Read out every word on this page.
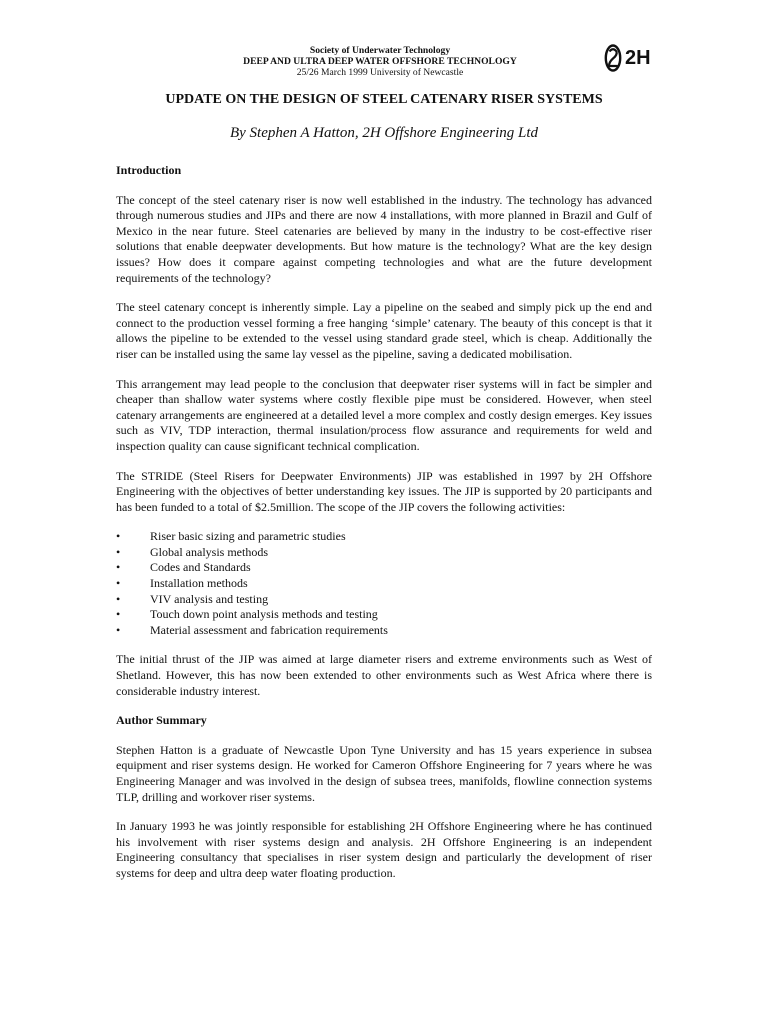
Society of Underwater Technology
DEEP AND ULTRA DEEP WATER OFFSHORE TECHNOLOGY
25/26 March 1999 University of Newcastle
2H
UPDATE ON THE DESIGN OF STEEL CATENARY RISER SYSTEMS
By Stephen A Hatton, 2H Offshore Engineering Ltd
Introduction

The concept of the steel catenary riser is now well established in the industry. The technology has advanced through numerous studies and JIPs and there are now 4 installations, with more planned in Brazil and Gulf of Mexico in the near future. Steel catenaries are believed by many in the industry to be cost-effective riser solutions that enable deepwater developments. But how mature is the technology? What are the key design issues? How does it compare against competing technologies and what are the future development requirements of the technology?

The steel catenary concept is inherently simple. Lay a pipeline on the seabed and simply pick up the end and connect to the production vessel forming a free hanging ‘simple’ catenary. The beauty of this concept is that it allows the pipeline to be extended to the vessel using standard grade steel, which is cheap. Additionally the riser can be installed using the same lay vessel as the pipeline, saving a dedicated mobilisation.

This arrangement may lead people to the conclusion that deepwater riser systems will in fact be simpler and cheaper than shallow water systems where costly flexible pipe must be considered. However, when steel catenary arrangements are engineered at a detailed level a more complex and costly design emerges. Key issues such as VIV, TDP interaction, thermal insulation/process flow assurance and requirements for weld and inspection quality can cause significant technical complication.

The STRIDE (Steel Risers for Deepwater Environments) JIP was established in 1997 by 2H Offshore Engineering with the objectives of better understanding key issues. The JIP is supported by 20 participants and has been funded to a total of $2.5million. The scope of the JIP covers the following activities:

• Riser basic sizing and parametric studies
• Global analysis methods
• Codes and Standards
• Installation methods
• VIV analysis and testing
• Touch down point analysis methods and testing
• Material assessment and fabrication requirements

The initial thrust of the JIP was aimed at large diameter risers and extreme environments such as West of Shetland. However, this has now been extended to other environments such as West Africa where there is considerable industry interest.

Author Summary

Stephen Hatton is a graduate of Newcastle Upon Tyne University and has 15 years experience in subsea equipment and riser systems design. He worked for Cameron Offshore Engineering for 7 years where he was Engineering Manager and was involved in the design of subsea trees, manifolds, flowline connection systems TLP, drilling and workover riser systems.

In January 1993 he was jointly responsible for establishing 2H Offshore Engineering where he has continued his involvement with riser systems design and analysis. 2H Offshore Engineering is an independent Engineering consultancy that specialises in riser system design and particularly the development of riser systems for deep and ultra deep water floating production.
